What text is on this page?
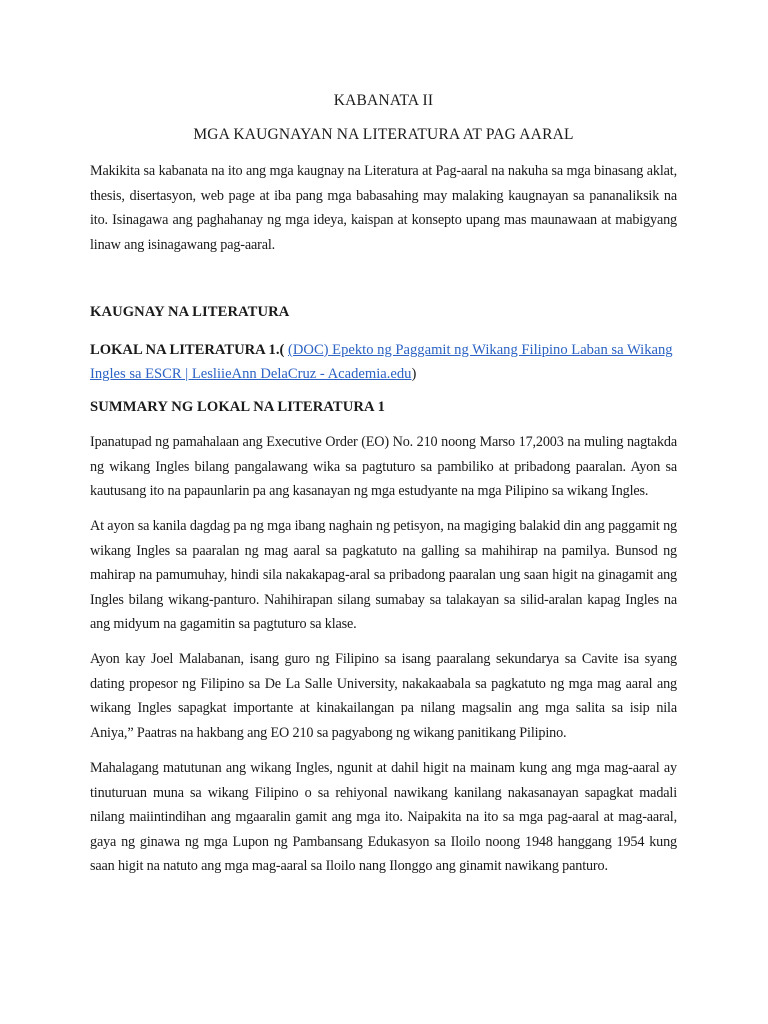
KABANATA II
MGA KAUGNAYAN NA LITERATURA AT PAG AARAL

Makikita sa kabanata na ito ang mga kaugnay na Literatura at Pag-aaral na nakuha sa mga binasang aklat, thesis, disertasyon, web page at iba pang mga babasahing may malaking kaugnayan sa pananaliksik na ito. Isinagawa ang paghahanay ng mga ideya, kaispan at konsepto upang mas maunawaan at mabigyang linaw ang isinagawang pag-aaral.

KAUGNAY NA LITERATURA

LOKAL NA LITERATURA 1.( (DOC) Epekto ng Paggamit ng Wikang Filipino Laban sa Wikang Ingles sa ESCR | LesliieAnn DelaCruz - Academia.edu)

SUMMARY NG LOKAL NA LITERATURA 1

Ipanatupad ng pamahalaan ang Executive Order (EO) No. 210 noong Marso 17,2003 na muling nagtakda ng wikang Ingles bilang pangalawang wika sa pagtuturo sa pambiliko at pribadong paaralan. Ayon sa kautusang ito na papaunlarin pa ang kasanayan ng mga estudyante na mga Pilipino sa wikang Ingles.

At ayon sa kanila dagdag pa ng mga ibang naghain ng petisyon, na magiging balakid din ang paggamit ng wikang Ingles sa paaralan ng mag aaral sa pagkatuto na galling sa mahihirap na pamilya. Bunsod ng mahirap na pamumuhay, hindi sila nakakapag-aral sa pribadong paaralan ung saan higit na ginagamit ang Ingles bilang wikang-panturo. Nahihirapan silang sumabay sa talakayan sa silid-aralan kapag Ingles na ang midyum na gagamitin sa pagtuturo sa klase.

Ayon kay Joel Malabanan, isang guro ng Filipino sa isang paaralang sekundarya sa Cavite isa syang dating propesor ng Filipino sa De La Salle University, nakakaabala sa pagkatuto ng mga mag aaral ang wikang Ingles sapagkat importante at kinakailangan pa nilang magsalin ang mga salita sa isip nila Aniya,” Paatras na hakbang ang EO 210 sa pagyabong ng wikang panitikang Pilipino.

Mahalagang matutunan ang wikang Ingles, ngunit at dahil higit na mainam kung ang mga mag-aaral ay tinuturuan muna sa wikang Filipino o sa rehiyonal nawikang kanilang nakasanayan sapagkat madali nilang maiintindihan ang mgaaralin gamit ang mga ito. Naipakita na ito sa mga pag-aaral at mag-aaral, gaya ng ginawa ng mga Lupon ng Pambansang Edukasyon sa Iloilo noong 1948 hanggang 1954 kung saan higit na natuto ang mga mag-aaral sa Iloilo nang Ilonggo ang ginamit nawikang panturo.
